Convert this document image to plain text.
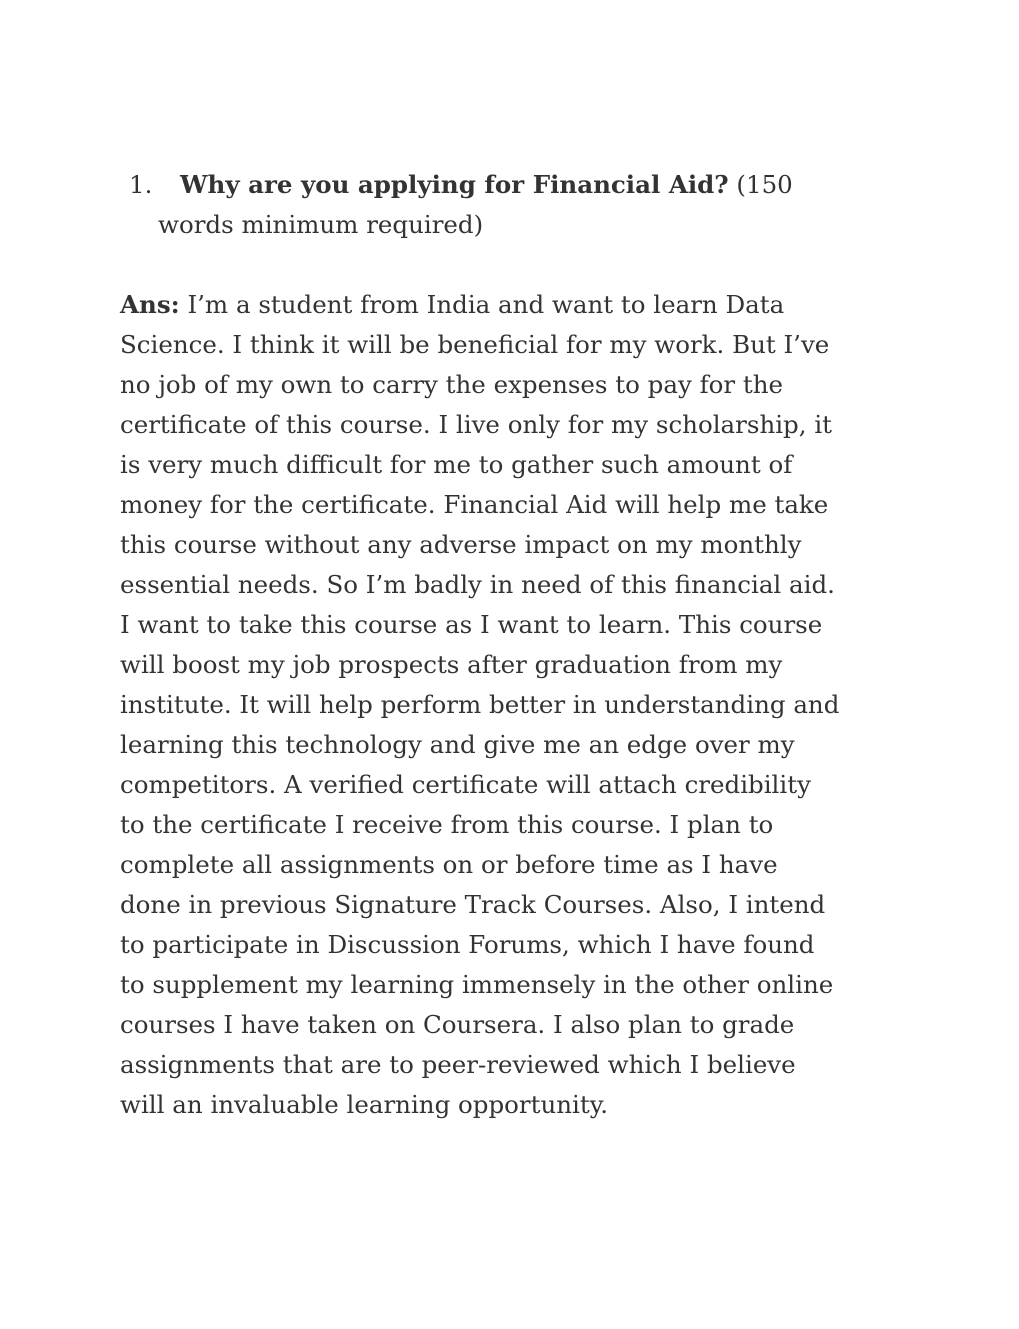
1. Why are you applying for Financial Aid? (150
words minimum required)
Ans: I’m a student from India and want to learn Data
Science. I think it will be beneficial for my work. But I’ve
no job of my own to carry the expenses to pay for the
certificate of this course. I live only for my scholarship, it
is very much difficult for me to gather such amount of
money for the certificate. Financial Aid will help me take
this course without any adverse impact on my monthly
essential needs. So I’m badly in need of this financial aid.
I want to take this course as I want to learn. This course
will boost my job prospects after graduation from my
institute. It will help perform better in understanding and
learning this technology and give me an edge over my
competitors. A verified certificate will attach credibility
to the certificate I receive from this course. I plan to
complete all assignments on or before time as I have
done in previous Signature Track Courses. Also, I intend
to participate in Discussion Forums, which I have found
to supplement my learning immensely in the other online
courses I have taken on Coursera. I also plan to grade
assignments that are to peer-reviewed which I believe
will an invaluable learning opportunity.
